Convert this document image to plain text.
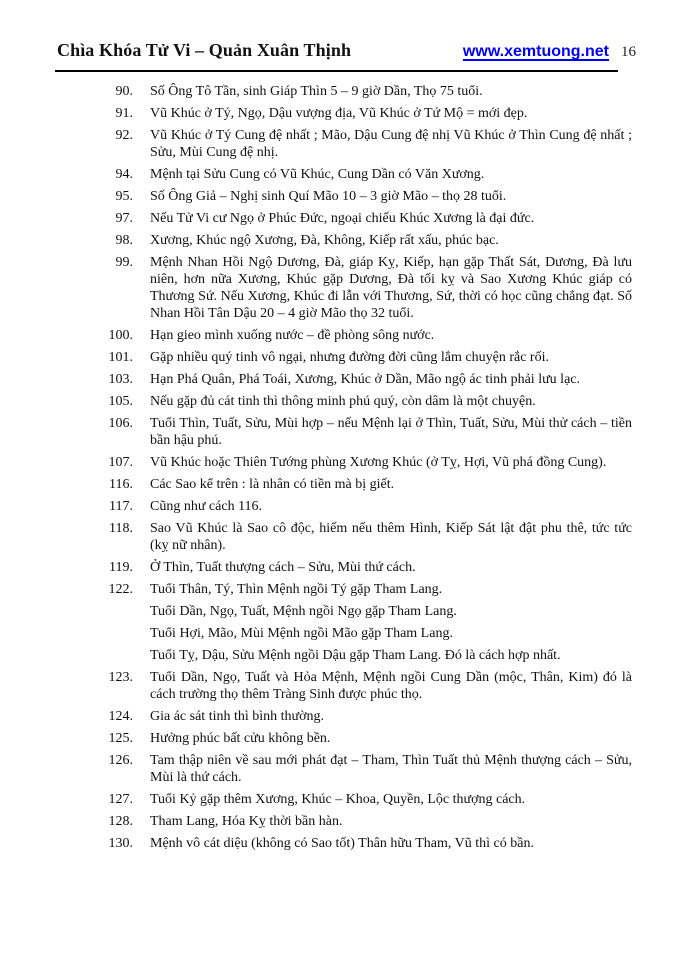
Chìa Khóa Tử Vi – Quản Xuân Thịnh	www.xemtuong.net 16
90. Số Ông Tô Tần, sinh Giáp Thìn 5 – 9 giờ Dần, Thọ 75 tuổi.
91. Vũ Khúc ở Tý, Ngọ, Dậu vượng địa, Vũ Khúc ở Tứ Mộ = mới đẹp.
92. Vũ Khúc ở Tý Cung đệ nhất ; Mão, Dậu Cung đệ nhị Vũ Khúc ở Thìn Cung đệ nhất ; Sửu, Mùi Cung đệ nhị.
94. Mệnh tại Sửu Cung có Vũ Khúc, Cung Dần có Văn Xương.
95. Số Ông Giả – Nghị sinh Quí Mão 10 – 3 giờ Mão – thọ 28 tuổi.
97. Nếu Tử Vi cư Ngọ ở Phúc Đức, ngoại chiếu Khúc Xương là đại đức.
98. Xương, Khúc ngộ Xương, Đà, Không, Kiếp rất xấu, phúc bạc.
99. Mệnh Nhan Hồi Ngộ Dương, Đà, giáp Kỵ, Kiếp, hạn gặp Thất Sát, Dương, Đà lưu niên, hơn nữa Xương, Khúc gặp Dương, Đà tối kỵ và Sao Xương Khúc giáp có Thương Sứ. Nếu Xương, Khúc đi lẫn với Thương, Sứ, thời có học cũng chẳng đạt. Số Nhan Hồi Tân Dậu 20 – 4 giờ Mão thọ 32 tuổi.
100. Hạn gieo mình xuống nước – đề phòng sông nước.
101. Gặp nhiều quý tinh vô ngại, nhưng đường đời cũng lắm chuyện rắc rối.
103. Hạn Phá Quân, Phá Toái, Xương, Khúc ở Dần, Mão ngộ ác tinh phải lưu lạc.
105. Nếu gặp đủ cát tinh thì thông minh phú quý, còn dâm là một chuyện.
106. Tuổi Thìn, Tuất, Sửu, Mùi hợp – nếu Mệnh lại ở Thìn, Tuất, Sửu, Mùi thử cách – tiền bần hậu phú.
107. Vũ Khúc hoặc Thiên Tướng phùng Xương Khúc (ở Tỵ, Hợi, Vũ phá đồng Cung).
116. Các Sao kể trên : là nhân có tiền mà bị giết.
117. Cũng như cách 116.
118. Sao Vũ Khúc là Sao cô độc, hiếm nếu thêm Hình, Kiếp Sát lật đật phu thê, tức tức (kỵ nữ nhân).
119. Ở Thìn, Tuất thượng cách – Sửu, Mùi thứ cách.
122. Tuổi Thân, Tý, Thìn Mệnh ngồi Tý gặp Tham Lang.
Tuổi Dần, Ngọ, Tuất, Mệnh ngồi Ngọ gặp Tham Lang.
Tuổi Hợi, Mão, Mùi Mệnh ngồi Mão gặp Tham Lang.
Tuổi Tỵ, Dậu, Sửu Mệnh ngồi Dậu gặp Tham Lang. Đó là cách hợp nhất.
123. Tuổi Dần, Ngọ, Tuất và Hỏa Mệnh, Mệnh ngồi Cung Dần (mộc, Thân, Kim) đó là cách trường thọ thêm Tràng Sinh được phúc thọ.
124. Gia ác sát tinh thì bình thường.
125. Hưởng phúc bất cửu không bền.
126. Tam thập niên về sau mới phát đạt – Tham, Thìn Tuất thủ Mệnh thượng cách – Sửu, Mùi là thứ cách.
127. Tuổi Kỷ gặp thêm Xương, Khúc – Khoa, Quyền, Lộc thượng cách.
128. Tham Lang, Hóa Kỵ thời bần hàn.
130. Mệnh vô cát diệu (không có Sao tốt) Thân hữu Tham, Vũ thì có bần.
